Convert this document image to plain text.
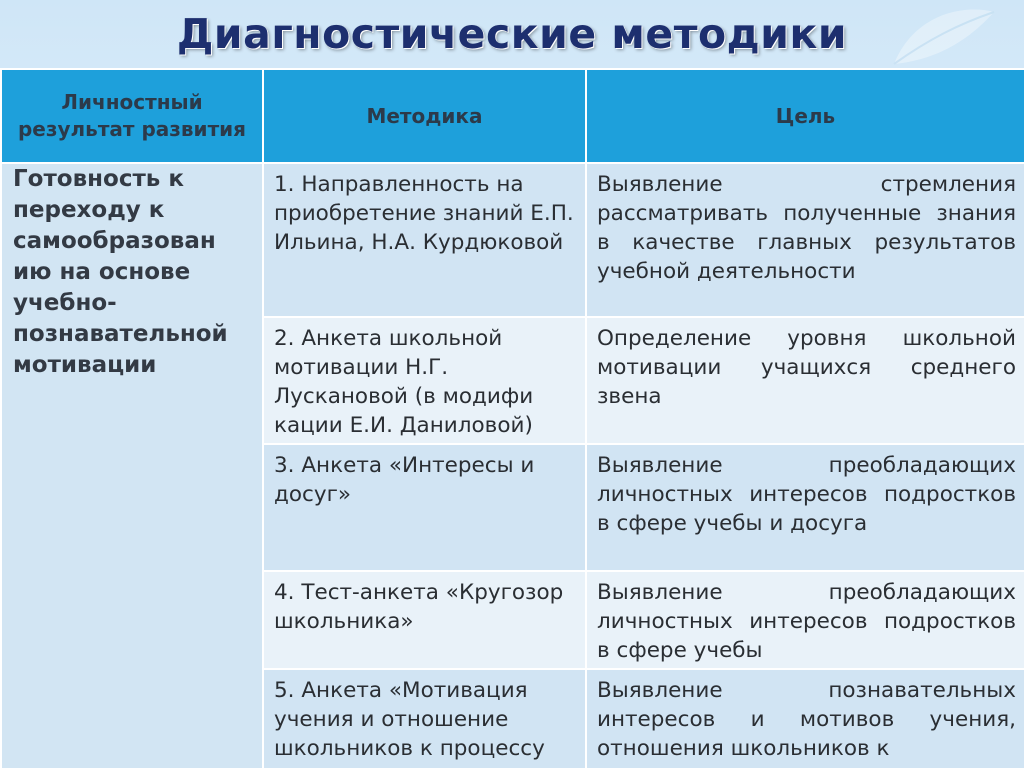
Диагностические методики
Личностный результат развития	Методика	Цель
Готовность к переходу к самообразован ию на основе учебно-познавательной мотивации	1. Направленность на приобретение знаний Е.П. Ильина, Н.А. Курдюковой	Выявление стремления рассматривать полученные знания в качестве главных результатов учебной деятельности
	2. Анкета школьной мотивации Н.Г. Лускановой (в модифи кации Е.И. Даниловой)	Определение уровня школьной мотивации учащихся среднего звена
	3. Анкета «Интересы и досуг»	Выявление преобладающих личностных интересов подростков в сфере учебы и досуга
	4. Тест-анкета «Кругозор школьника»	Выявление преобладающих личностных интересов подростков в сфере учебы
	5. Анкета «Мотивация учения и отношение школьников к процессу	Выявление познавательных интересов и мотивов учения, отношения школьников к
